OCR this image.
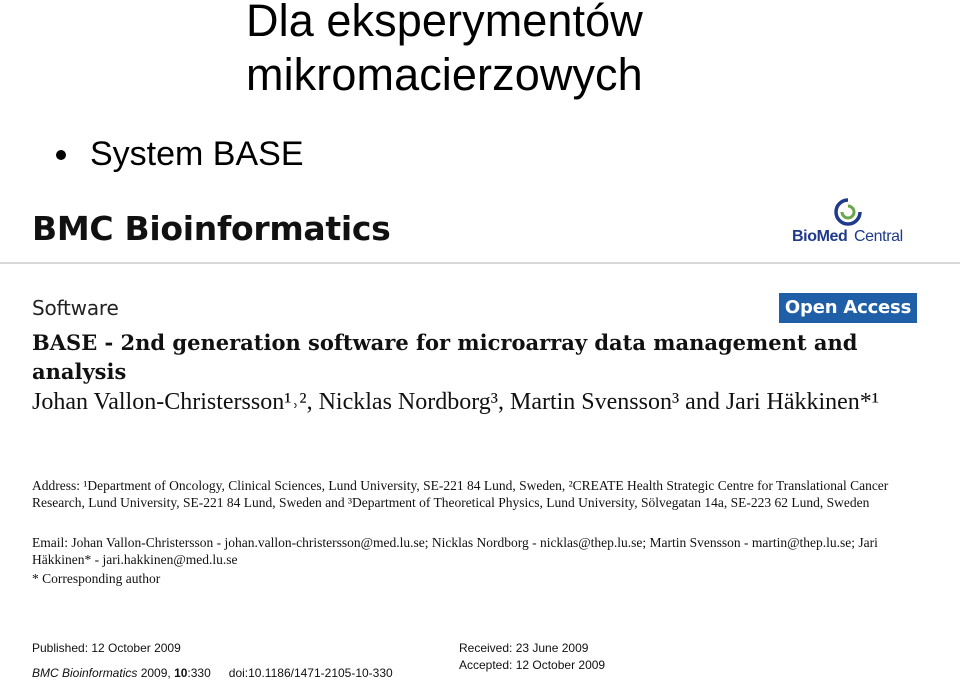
Dla eksperymentów
mikromacierzowych
System BASE
BMC Bioinformatics	BioMed Central
Software	Open Access
BASE - 2nd generation software for microarray data management and analysis
Johan Vallon-Christersson¹˒², Nicklas Nordborg³, Martin Svensson³ and Jari Häkkinen*¹
Address: ¹Department of Oncology, Clinical Sciences, Lund University, SE-221 84 Lund, Sweden, ²CREATE Health Strategic Centre for Translational Cancer Research, Lund University, SE-221 84 Lund, Sweden and ³Department of Theoretical Physics, Lund University, Sölvegatan 14a, SE-223 62 Lund, Sweden
Email: Johan Vallon-Christersson - johan.vallon-christersson@med.lu.se; Nicklas Nordborg - nicklas@thep.lu.se; Martin Svensson - martin@thep.lu.se; Jari Häkkinen* - jari.hakkinen@med.lu.se
* Corresponding author
Published: 12 October 2009	Received: 23 June 2009
Accepted: 12 October 2009
BMC Bioinformatics 2009, 10:330 doi:10.1186/1471-2105-10-330
